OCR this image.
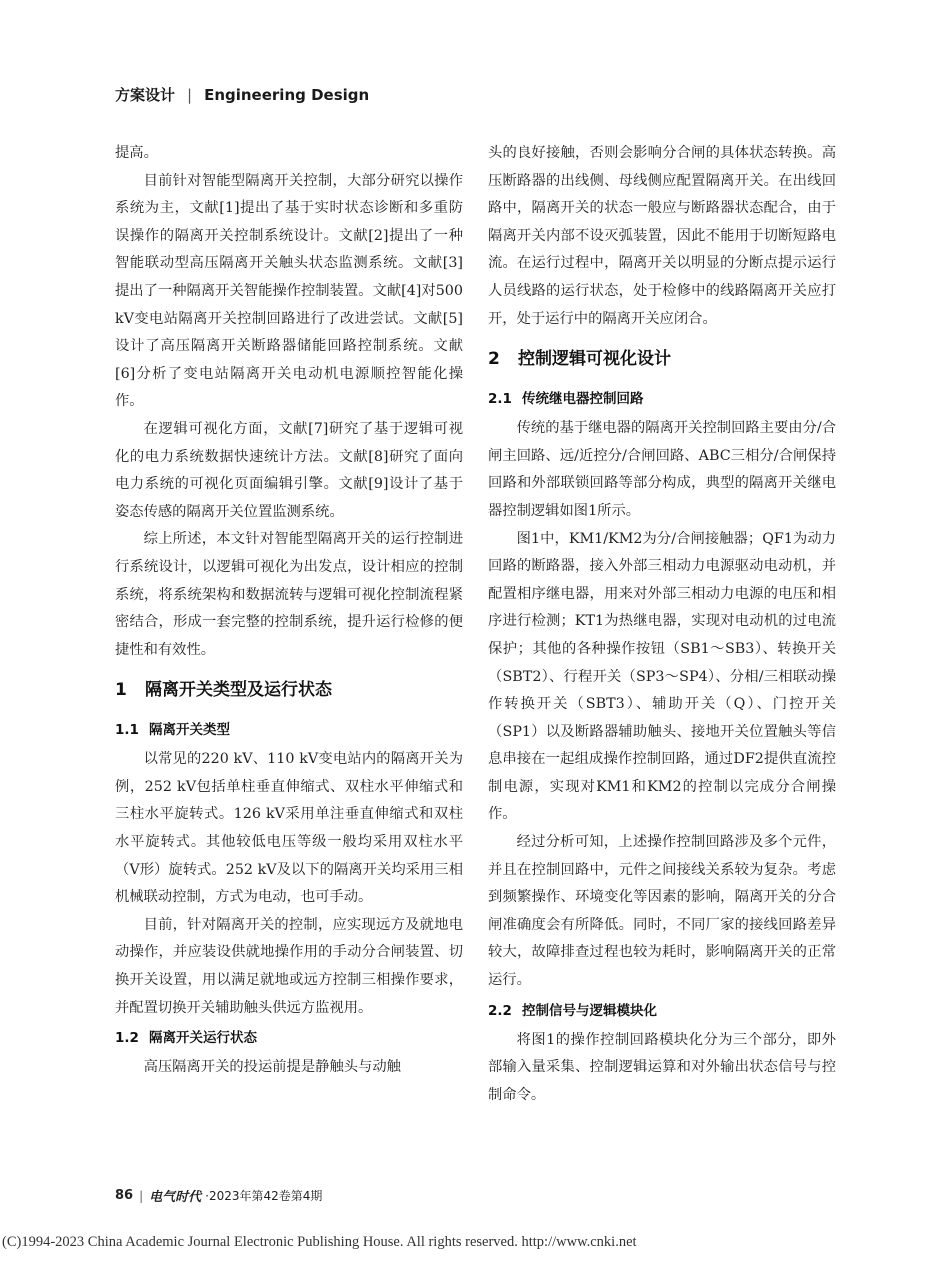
方案设计 | Engineering Design

提高。

目前针对智能型隔离开关控制，大部分研究以操作系统为主，文献[1]提出了基于实时状态诊断和多重防误操作的隔离开关控制系统设计。文献[2]提出了一种智能联动型高压隔离开关触头状态监测系统。文献[3]提出了一种隔离开关智能操作控制装置。文献[4]对500 kV变电站隔离开关控制回路进行了改进尝试。文献[5]设计了高压隔离开关断路器储能回路控制系统。文献[6]分析了变电站隔离开关电动机电源顺控智能化操作。

在逻辑可视化方面，文献[7]研究了基于逻辑可视化的电力系统数据快速统计方法。文献[8]研究了面向电力系统的可视化页面编辑引擎。文献[9]设计了基于姿态传感的隔离开关位置监测系统。

综上所述，本文针对智能型隔离开关的运行控制进行系统设计，以逻辑可视化为出发点，设计相应的控制系统，将系统架构和数据流转与逻辑可视化控制流程紧密结合，形成一套完整的控制系统，提升运行检修的便捷性和有效性。

1 隔离开关类型及运行状态
1.1 隔离开关类型

以常见的220 kV、110 kV变电站内的隔离开关为例，252 kV包括单柱垂直伸缩式、双柱水平伸缩式和三柱水平旋转式。126 kV采用单注垂直伸缩式和双柱水平旋转式。其他较低电压等级一般均采用双柱水平（V形）旋转式。252 kV及以下的隔离开关均采用三相机械联动控制，方式为电动，也可手动。

目前，针对隔离开关的控制，应实现远方及就地电动操作，并应装设供就地操作用的手动分合闸装置、切换开关设置，用以满足就地或远方控制三相操作要求，并配置切换开关辅助触头供远方监视用。

1.2 隔离开关运行状态

高压隔离开关的投运前提是静触头与动触

头的良好接触，否则会影响分合闸的具体状态转换。高压断路器的出线侧、母线侧应配置隔离开关。在出线回路中，隔离开关的状态一般应与断路器状态配合，由于隔离开关内部不设灭弧装置，因此不能用于切断短路电流。在运行过程中，隔离开关以明显的分断点提示运行人员线路的运行状态，处于检修中的线路隔离开关应打开，处于运行中的隔离开关应闭合。

2 控制逻辑可视化设计
2.1 传统继电器控制回路

传统的基于继电器的隔离开关控制回路主要由分/合闸主回路、远/近控分/合闸回路、ABC三相分/合闸保持回路和外部联锁回路等部分构成，典型的隔离开关继电器控制逻辑如图1所示。

图1中，KM1/KM2为分/合闸接触器；QF1为动力回路的断路器，接入外部三相动力电源驱动电动机，并配置相序继电器，用来对外部三相动力电源的电压和相序进行检测；KT1为热继电器，实现对电动机的过电流保护；其他的各种操作按钮（SB1～SB3）、转换开关（SBT2）、行程开关（SP3～SP4）、分相/三相联动操作转换开关（SBT3）、辅助开关（Q）、门控开关（SP1）以及断路器辅助触头、接地开关位置触头等信息串接在一起组成操作控制回路，通过DF2提供直流控制电源，实现对KM1和KM2的控制以完成分合闸操作。

经过分析可知，上述操作控制回路涉及多个元件，并且在控制回路中，元件之间接线关系较为复杂。考虑到频繁操作、环境变化等因素的影响，隔离开关的分合闸准确度会有所降低。同时，不同厂家的接线回路差异较大，故障排查过程也较为耗时，影响隔离开关的正常运行。

2.2 控制信号与逻辑模块化

将图1的操作控制回路模块化分为三个部分，即外部输入量采集、控制逻辑运算和对外输出状态信号与控制命令。

86 | 电气时代 ·2023年第42卷第4期
(C)1994-2023 China Academic Journal Electronic Publishing House. All rights reserved. http://www.cnki.net
